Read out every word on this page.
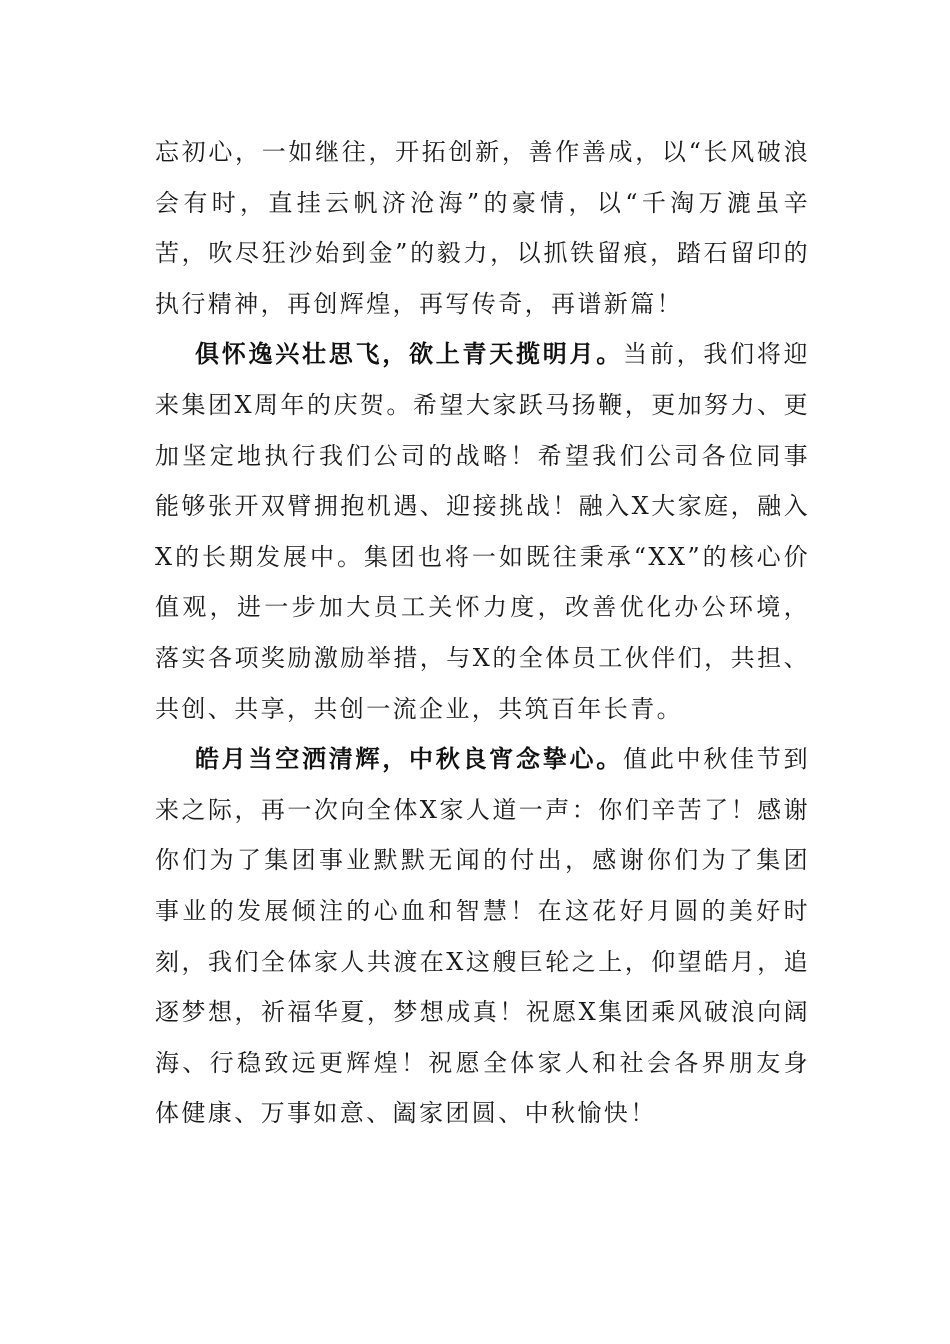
忘初心，一如继往，开拓创新，善作善成，以“长风破浪会有时，直挂云帆济沧海”的豪情，以“千淘万漉虽辛苦，吹尽狂沙始到金”的毅力，以抓铁留痕，踏石留印的执行精神，再创辉煌，再写传奇，再谱新篇！

俱怀逸兴壮思飞，欲上青天揽明月。当前，我们将迎来集团X周年的庆贺。希望大家跃马扬鞭，更加努力、更加坚定地执行我们公司的战略！希望我们公司各位同事能够张开双臂拥抱机遇、迎接挑战！融入X大家庭，融入X的长期发展中。集团也将一如既往秉承“XX”的核心价值观，进一步加大员工关怀力度，改善优化办公环境，落实各项奖励激励举措，与X的全体员工伙伴们，共担、共创、共享，共创一流企业，共筑百年长青。

皓月当空洒清辉，中秋良宵念挚心。值此中秋佳节到来之际，再一次向全体X家人道一声：你们辛苦了！感谢你们为了集团事业默默无闻的付出，感谢你们为了集团事业的发展倾注的心血和智慧！在这花好月圆的美好时刻，我们全体家人共渡在X这艘巨轮之上，仰望皓月，追逐梦想，祈福华夏，梦想成真！祝愿X集团乘风破浪向阔海、行稳致远更辉煌！祝愿全体家人和社会各界朋友身体健康、万事如意、阖家团圆、中秋愉快！
